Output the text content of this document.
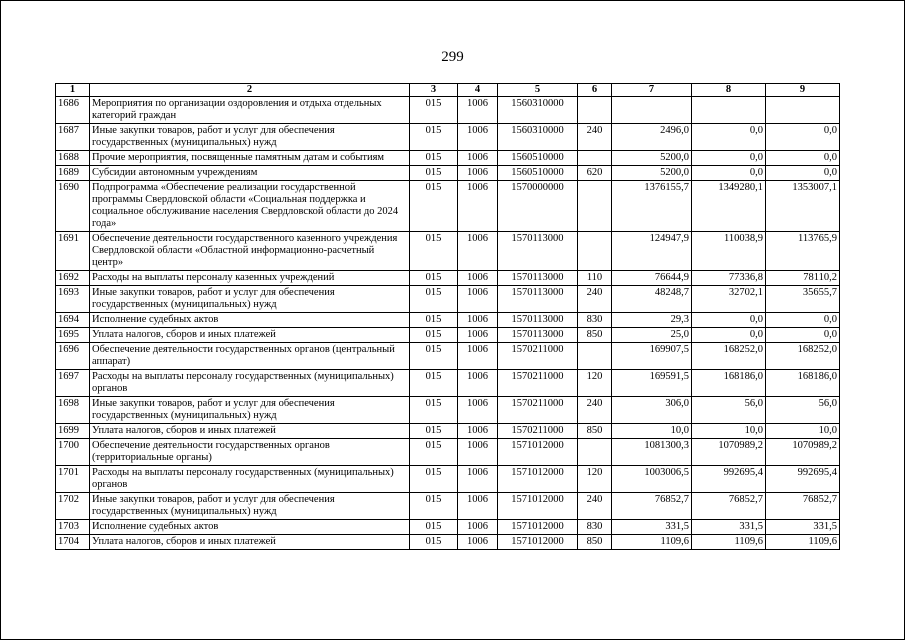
299
1	2	3	4	5	6	7	8	9
1686	Мероприятия по организации оздоровления и отдыха отдельных категорий граждан	015	1006	1560310000				
1687	Иные закупки товаров, работ и услуг для обеспечения государственных (муниципальных) нужд	015	1006	1560310000	240	2496,0	0,0	0,0
1688	Прочие мероприятия, посвященные памятным датам и событиям	015	1006	1560510000		5200,0	0,0	0,0
1689	Субсидии автономным учреждениям	015	1006	1560510000	620	5200,0	0,0	0,0
1690	Подпрограмма «Обеспечение реализации государственной программы Свердловской области «Социальная поддержка и социальное обслуживание населения Свердловской области до 2024 года»	015	1006	1570000000		1376155,7	1349280,1	1353007,1
1691	Обеспечение деятельности государственного казенного учреждения Свердловской области «Областной информационно-расчетный центр»	015	1006	1570113000		124947,9	110038,9	113765,9
1692	Расходы на выплаты персоналу казенных учреждений	015	1006	1570113000	110	76644,9	77336,8	78110,2
1693	Иные закупки товаров, работ и услуг для обеспечения государственных (муниципальных) нужд	015	1006	1570113000	240	48248,7	32702,1	35655,7
1694	Исполнение судебных актов	015	1006	1570113000	830	29,3	0,0	0,0
1695	Уплата налогов, сборов и иных платежей	015	1006	1570113000	850	25,0	0,0	0,0
1696	Обеспечение деятельности государственных органов (центральный аппарат)	015	1006	1570211000		169907,5	168252,0	168252,0
1697	Расходы на выплаты персоналу государственных (муниципальных) органов	015	1006	1570211000	120	169591,5	168186,0	168186,0
1698	Иные закупки товаров, работ и услуг для обеспечения государственных (муниципальных) нужд	015	1006	1570211000	240	306,0	56,0	56,0
1699	Уплата налогов, сборов и иных платежей	015	1006	1570211000	850	10,0	10,0	10,0
1700	Обеспечение деятельности государственных органов (территориальные органы)	015	1006	1571012000		1081300,3	1070989,2	1070989,2
1701	Расходы на выплаты персоналу государственных (муниципальных) органов	015	1006	1571012000	120	1003006,5	992695,4	992695,4
1702	Иные закупки товаров, работ и услуг для обеспечения государственных (муниципальных) нужд	015	1006	1571012000	240	76852,7	76852,7	76852,7
1703	Исполнение судебных актов	015	1006	1571012000	830	331,5	331,5	331,5
1704	Уплата налогов, сборов и иных платежей	015	1006	1571012000	850	1109,6	1109,6	1109,6
